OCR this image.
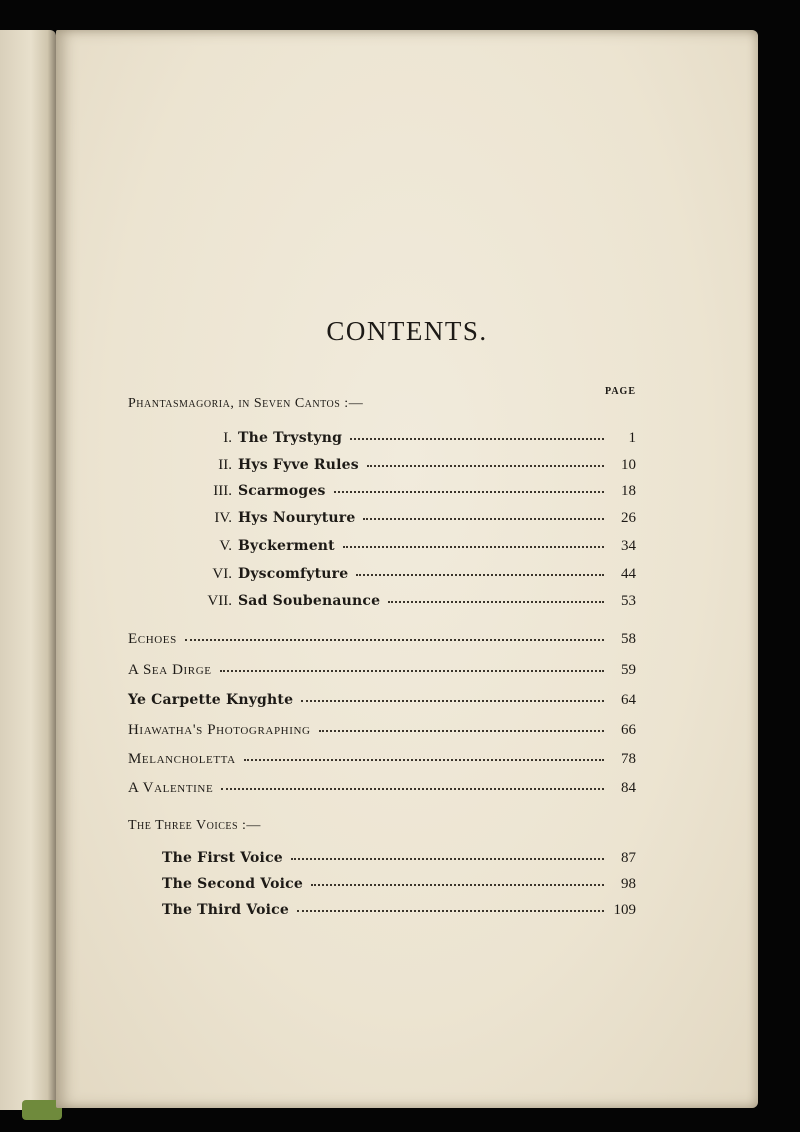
CONTENTS.
PAGE
Phantasmagoria, in Seven Cantos :—
I. The Trystyng	1
II. Hys Fyve Rules	10
III. Scarmoges	18
IV. Hys Nouryture	26
V. Byckerment	34
VI. Dyscomfyture	44
VII. Sad Soubenaunce	53
Echoes	58
A Sea Dirge	59
Ye Carpette Knyghte	64
Hiawatha's Photographing	66
Melancholetta	78
A Valentine	84
The Three Voices :—
The First Voice	87
The Second Voice	98
The Third Voice	109
